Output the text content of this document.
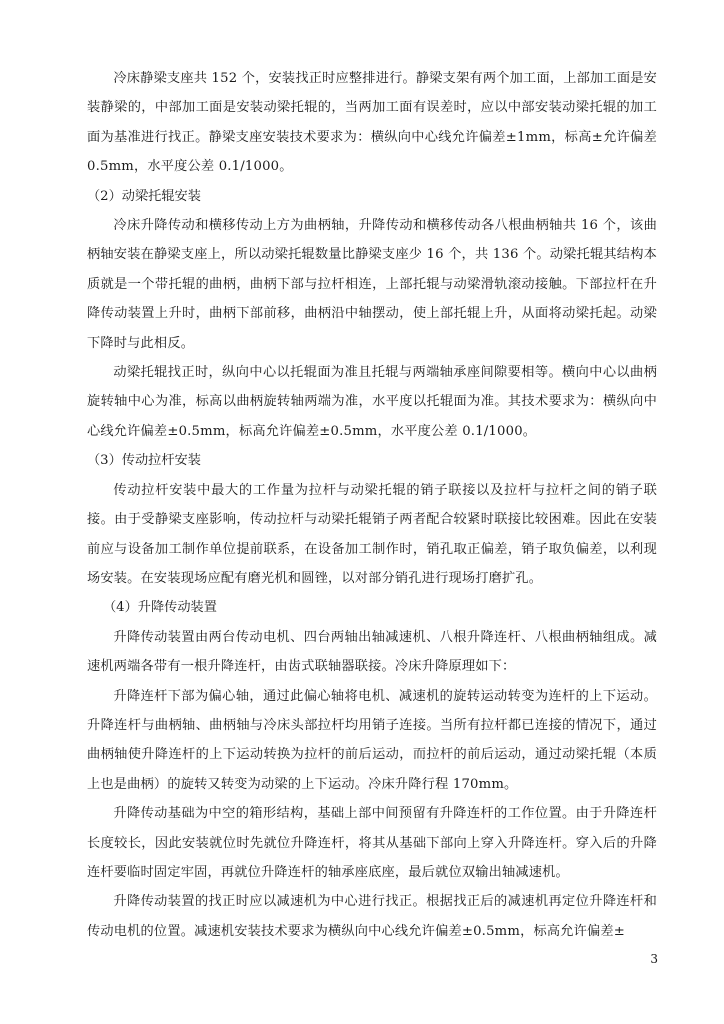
冷床静梁支座共 152 个，安装找正时应整排进行。静梁支架有两个加工面，上部加工面是安装静梁的，中部加工面是安装动梁托辊的，当两加工面有误差时，应以中部安装动梁托辊的加工面为基准进行找正。静梁支座安装技术要求为：横纵向中心线允许偏差±1mm，标高±允许偏差 0.5mm，水平度公差 0.1/1000。

（2）动梁托辊安装

冷床升降传动和横移传动上方为曲柄轴，升降传动和横移传动各八根曲柄轴共 16 个，该曲柄轴安装在静梁支座上，所以动梁托辊数量比静梁支座少 16 个，共 136 个。动梁托辊其结构本质就是一个带托辊的曲柄，曲柄下部与拉杆相连，上部托辊与动梁滑轨滚动接触。下部拉杆在升降传动装置上升时，曲柄下部前移，曲柄沿中轴摆动，使上部托辊上升，从面将动梁托起。动梁下降时与此相反。

动梁托辊找正时，纵向中心以托辊面为准且托辊与两端轴承座间隙要相等。横向中心以曲柄旋转轴中心为准，标高以曲柄旋转轴两端为准，水平度以托辊面为准。其技术要求为：横纵向中心线允许偏差±0.5mm，标高允许偏差±0.5mm，水平度公差 0.1/1000。

（3）传动拉杆安装

传动拉杆安装中最大的工作量为拉杆与动梁托辊的销子联接以及拉杆与拉杆之间的销子联接。由于受静梁支座影响，传动拉杆与动梁托辊销子两者配合较紧时联接比较困难。因此在安装前应与设备加工制作单位提前联系，在设备加工制作时，销孔取正偏差，销子取负偏差，以利现场安装。在安装现场应配有磨光机和圆锉，以对部分销孔进行现场打磨扩孔。

（4）升降传动装置

升降传动装置由两台传动电机、四台两轴出轴减速机、八根升降连杆、八根曲柄轴组成。减速机两端各带有一根升降连杆，由齿式联轴器联接。冷床升降原理如下：

升降连杆下部为偏心轴，通过此偏心轴将电机、减速机的旋转运动转变为连杆的上下运动。升降连杆与曲柄轴、曲柄轴与冷床头部拉杆均用销子连接。当所有拉杆都已连接的情况下，通过曲柄轴使升降连杆的上下运动转换为拉杆的前后运动，而拉杆的前后运动，通过动梁托辊（本质上也是曲柄）的旋转又转变为动梁的上下运动。冷床升降行程 170mm。

升降传动基础为中空的箱形结构，基础上部中间预留有升降连杆的工作位置。由于升降连杆长度较长，因此安装就位时先就位升降连杆，将其从基础下部向上穿入升降连杆。穿入后的升降连杆要临时固定牢固，再就位升降连杆的轴承座底座，最后就位双输出轴减速机。

升降传动装置的找正时应以减速机为中心进行找正。根据找正后的减速机再定位升降连杆和传动电机的位置。减速机安装技术要求为横纵向中心线允许偏差±0.5mm，标高允许偏差±

3
